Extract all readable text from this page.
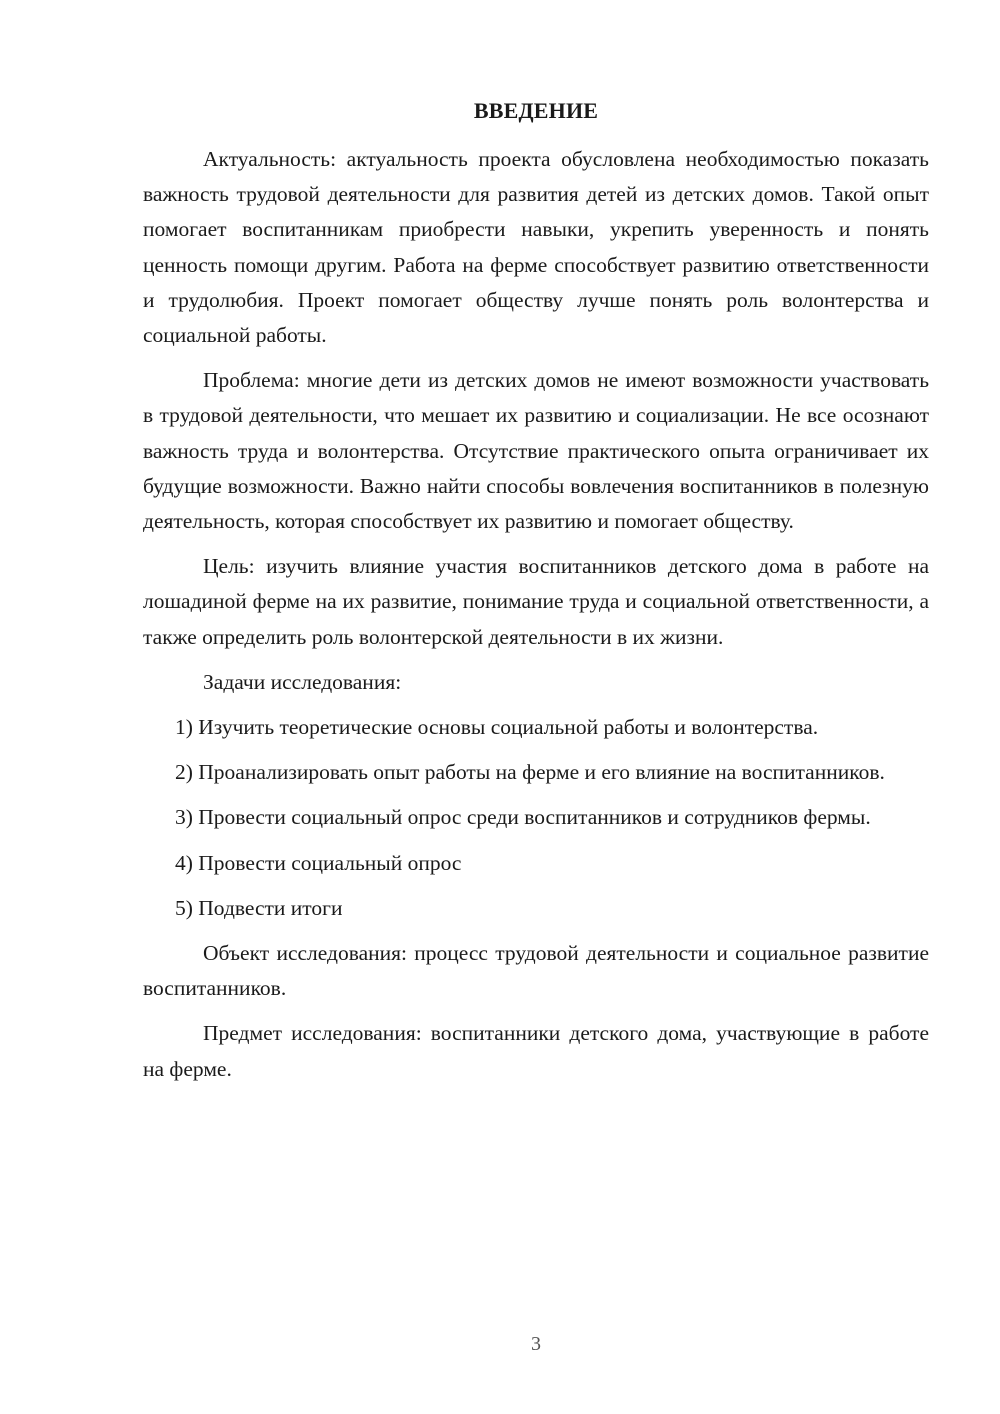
ВВЕДЕНИЕ

Актуальность: актуальность проекта обусловлена необходимостью показать важность трудовой деятельности для развития детей из детских домов. Такой опыт помогает воспитанникам приобрести навыки, укрепить уверенность и понять ценность помощи другим. Работа на ферме способствует развитию ответственности и трудолюбия. Проект помогает обществу лучше понять роль волонтерства и социальной работы.

Проблема: многие дети из детских домов не имеют возможности участвовать в трудовой деятельности, что мешает их развитию и социализации. Не все осознают важность труда и волонтерства. Отсутствие практического опыта ограничивает их будущие возможности. Важно найти способы вовлечения воспитанников в полезную деятельность, которая способствует их развитию и помогает обществу.

Цель: изучить влияние участия воспитанников детского дома в работе на лошадиной ферме на их развитие, понимание труда и социальной ответственности, а также определить роль волонтерской деятельности в их жизни.

Задачи исследования:

1) Изучить теоретические основы социальной работы и волонтерства.

2) Проанализировать опыт работы на ферме и его влияние на воспитанников.

3) Провести социальный опрос среди воспитанников и сотрудников фермы.

4) Провести социальный опрос

5) Подвести итоги

Объект исследования: процесс трудовой деятельности и социальное развитие воспитанников.

Предмет исследования: воспитанники детского дома, участвующие в работе на ферме.

3
